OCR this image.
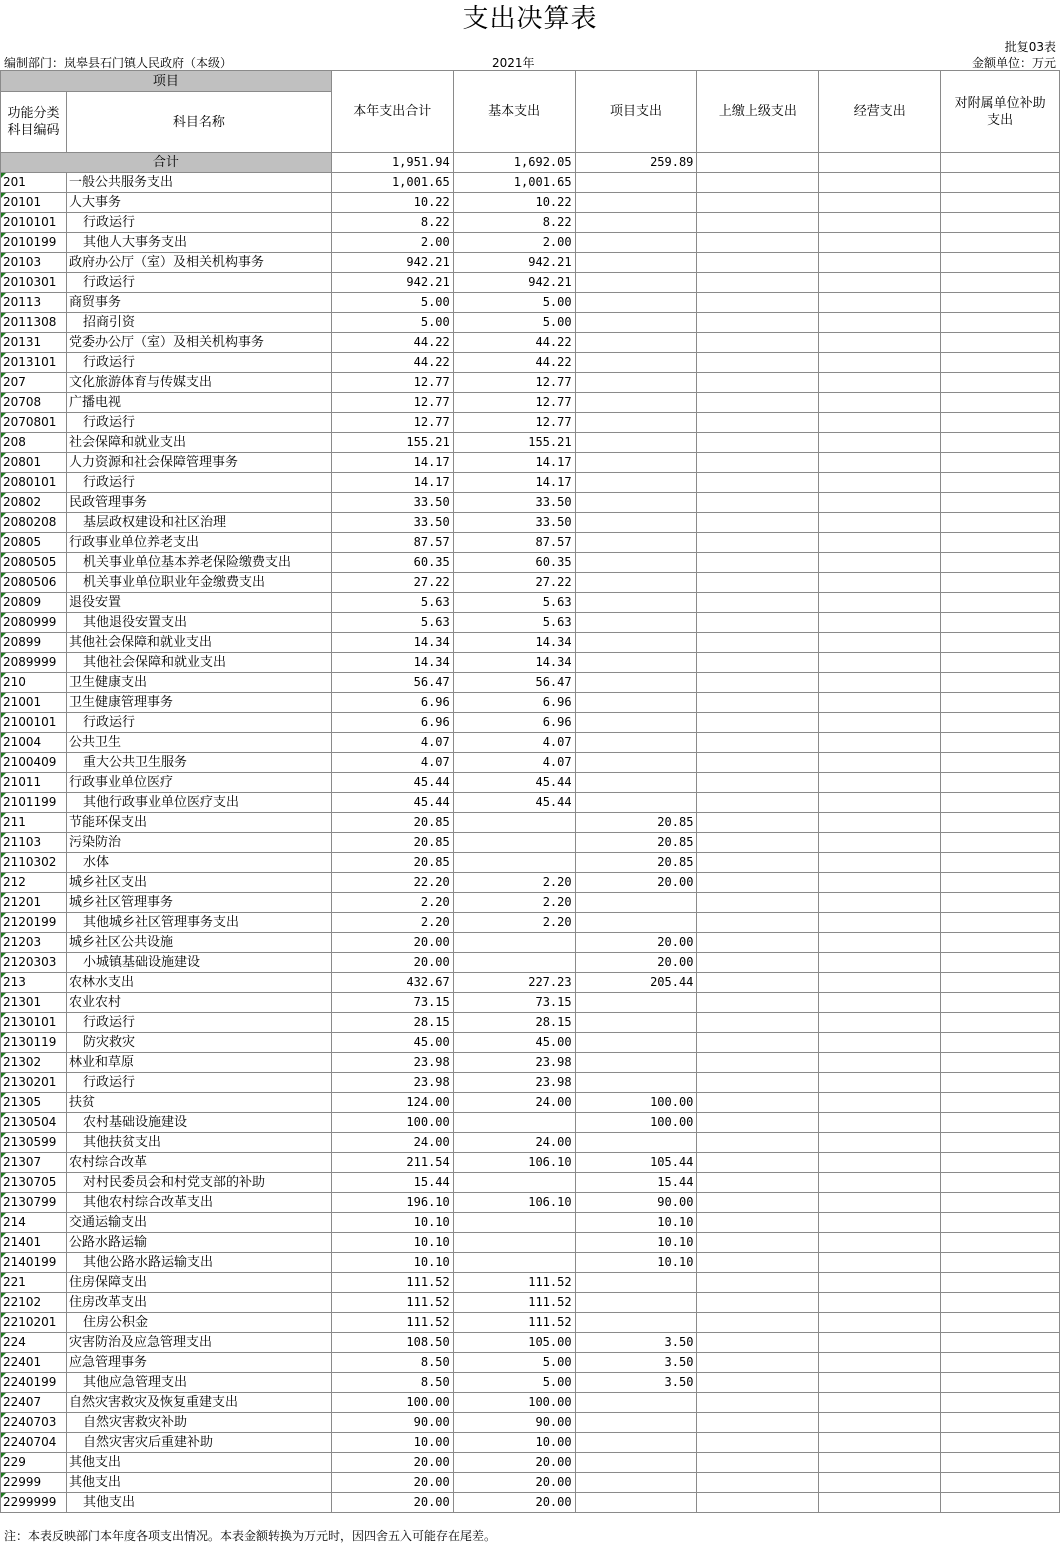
支出决算表
批复03表
编制部门：岚皋县石门镇人民政府（本级）	2021年	金额单位：万元
项目		本年支出合计	基本支出	项目支出	上缴上级支出	经营支出	对附属单位补助支出
功能分类科目编码	科目名称						
合计		1,951.94	1,692.05	259.89			
201	一般公共服务支出	1,001.65	1,001.65				
20101	人大事务	10.22	10.22				
2010101	行政运行	8.22	8.22				
2010199	其他人大事务支出	2.00	2.00				
20103	政府办公厅（室）及相关机构事务	942.21	942.21				
2010301	行政运行	942.21	942.21				
20113	商贸事务	5.00	5.00				
2011308	招商引资	5.00	5.00				
20131	党委办公厅（室）及相关机构事务	44.22	44.22				
2013101	行政运行	44.22	44.22				
207	文化旅游体育与传媒支出	12.77	12.77				
20708	广播电视	12.77	12.77				
2070801	行政运行	12.77	12.77				
208	社会保障和就业支出	155.21	155.21				
20801	人力资源和社会保障管理事务	14.17	14.17				
2080101	行政运行	14.17	14.17				
20802	民政管理事务	33.50	33.50				
2080208	基层政权建设和社区治理	33.50	33.50				
20805	行政事业单位养老支出	87.57	87.57				
2080505	机关事业单位基本养老保险缴费支出	60.35	60.35				
2080506	机关事业单位职业年金缴费支出	27.22	27.22				
20809	退役安置	5.63	5.63				
2080999	其他退役安置支出	5.63	5.63				
20899	其他社会保障和就业支出	14.34	14.34				
2089999	其他社会保障和就业支出	14.34	14.34				
210	卫生健康支出	56.47	56.47				
21001	卫生健康管理事务	6.96	6.96				
2100101	行政运行	6.96	6.96				
21004	公共卫生	4.07	4.07				
2100409	重大公共卫生服务	4.07	4.07				
21011	行政事业单位医疗	45.44	45.44				
2101199	其他行政事业单位医疗支出	45.44	45.44				
211	节能环保支出	20.85		20.85			
21103	污染防治	20.85		20.85			
2110302	水体	20.85		20.85			
212	城乡社区支出	22.20	2.20	20.00			
21201	城乡社区管理事务	2.20	2.20				
2120199	其他城乡社区管理事务支出	2.20	2.20				
21203	城乡社区公共设施	20.00		20.00			
2120303	小城镇基础设施建设	20.00		20.00			
213	农林水支出	432.67	227.23	205.44			
21301	农业农村	73.15	73.15				
2130101	行政运行	28.15	28.15				
2130119	防灾救灾	45.00	45.00				
21302	林业和草原	23.98	23.98				
2130201	行政运行	23.98	23.98				
21305	扶贫	124.00	24.00	100.00			
2130504	农村基础设施建设	100.00		100.00			
2130599	其他扶贫支出	24.00	24.00				
21307	农村综合改革	211.54	106.10	105.44			
2130705	对村民委员会和村党支部的补助	15.44		15.44			
2130799	其他农村综合改革支出	196.10	106.10	90.00			
214	交通运输支出	10.10		10.10			
21401	公路水路运输	10.10		10.10			
2140199	其他公路水路运输支出	10.10		10.10			
221	住房保障支出	111.52	111.52				
22102	住房改革支出	111.52	111.52				
2210201	住房公积金	111.52	111.52				
224	灾害防治及应急管理支出	108.50	105.00	3.50			
22401	应急管理事务	8.50	5.00	3.50			
2240199	其他应急管理支出	8.50	5.00	3.50			
22407	自然灾害救灾及恢复重建支出	100.00	100.00				
2240703	自然灾害救灾补助	90.00	90.00				
2240704	自然灾害灾后重建补助	10.00	10.00				
229	其他支出	20.00	20.00				
22999	其他支出	20.00	20.00				
2299999	其他支出	20.00	20.00				
注：本表反映部门本年度各项支出情况。本表金额转换为万元时，因四舍五入可能存在尾差。
